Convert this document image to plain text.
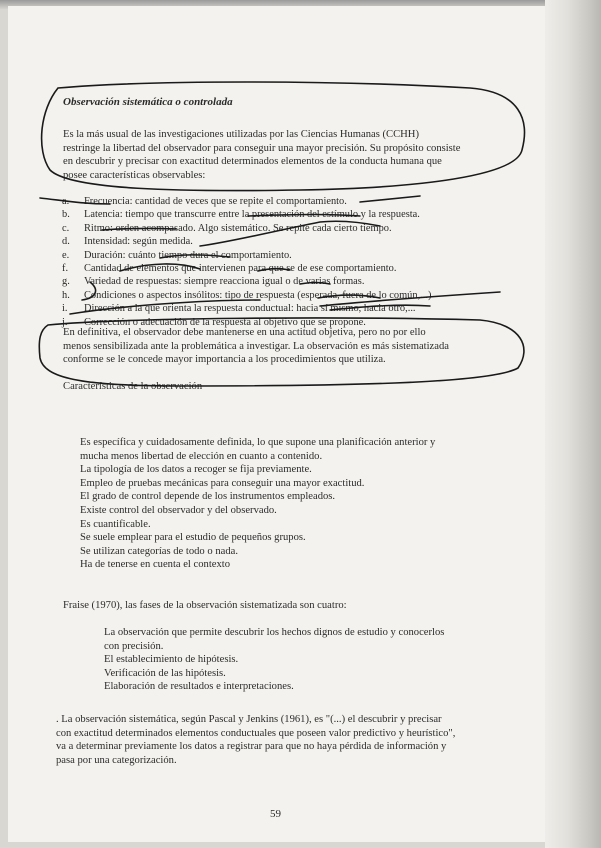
Observación sistemática o controlada
Es la más usual de las investigaciones utilizadas por las Ciencias Humanas (CCHH)
restringe la libertad del observador para conseguir una mayor precisión. Su propósito consiste
en descubrir y precisar con exactitud determinados elementos de la conducta humana que
posee características observables:
a.	Frecuencia: cantidad de veces que se repite el comportamiento.
b.	Latencia: tiempo que transcurre entre la presentación del estímulo y la respuesta.
c.	Ritmo: orden acompasado. Algo sistemático. Se repite cada cierto tiempo.
d.	Intensidad: según medida.
e.	Duración: cuánto tiempo dura el comportamiento.
f.	Cantidad de elementos que intervienen para que se de ese comportamiento.
g.	Variedad de respuestas: siempre reacciona igual o de varias formas.
h.	Condiciones o aspectos insólitos: tipo de respuesta (esperada, fuera de lo común,...)
i.	Dirección a la que orienta la respuesta conductual: hacia sí mismo, hacia otro,...
j.	Corrección o adecuación de la respuesta al objetivo que se propone.
En definitiva, el observador debe mantenerse en una actitud objetiva, pero no por ello
menos sensibilizada ante la problemática a investigar. La observación es más sistematizada
conforme se le concede mayor importancia a los procedimientos que utiliza.
Características de la observación
Es específica y cuidadosamente definida, lo que supone una planificación anterior y
mucha menos libertad de elección en cuanto a contenido.
La tipología de los datos a recoger se fija previamente.
Empleo de pruebas mecánicas para conseguir una mayor exactitud.
El grado de control depende de los instrumentos empleados.
Existe control del observador y del observado.
Es cuantificable.
Se suele emplear para el estudio de pequeños grupos.
Se utilizan categorías de todo o nada.
Ha de tenerse en cuenta el contexto
Fraise (1970), las fases de la observación sistematizada son cuatro:
La observación que permite descubrir los hechos dignos de estudio y conocerlos
con precisión.
El establecimiento de hipótesis.
Verificación de las hipótesis.
Elaboración de resultados e interpretaciones.
. La observación sistemática, según Pascal y Jenkins (1961), es "(...) el descubrir y precisar
con exactitud determinados elementos conductuales que poseen valor predictivo y heurístico",
va a determinar previamente los datos a registrar para que no haya pérdida de información y
pasa por una categorización.
59
